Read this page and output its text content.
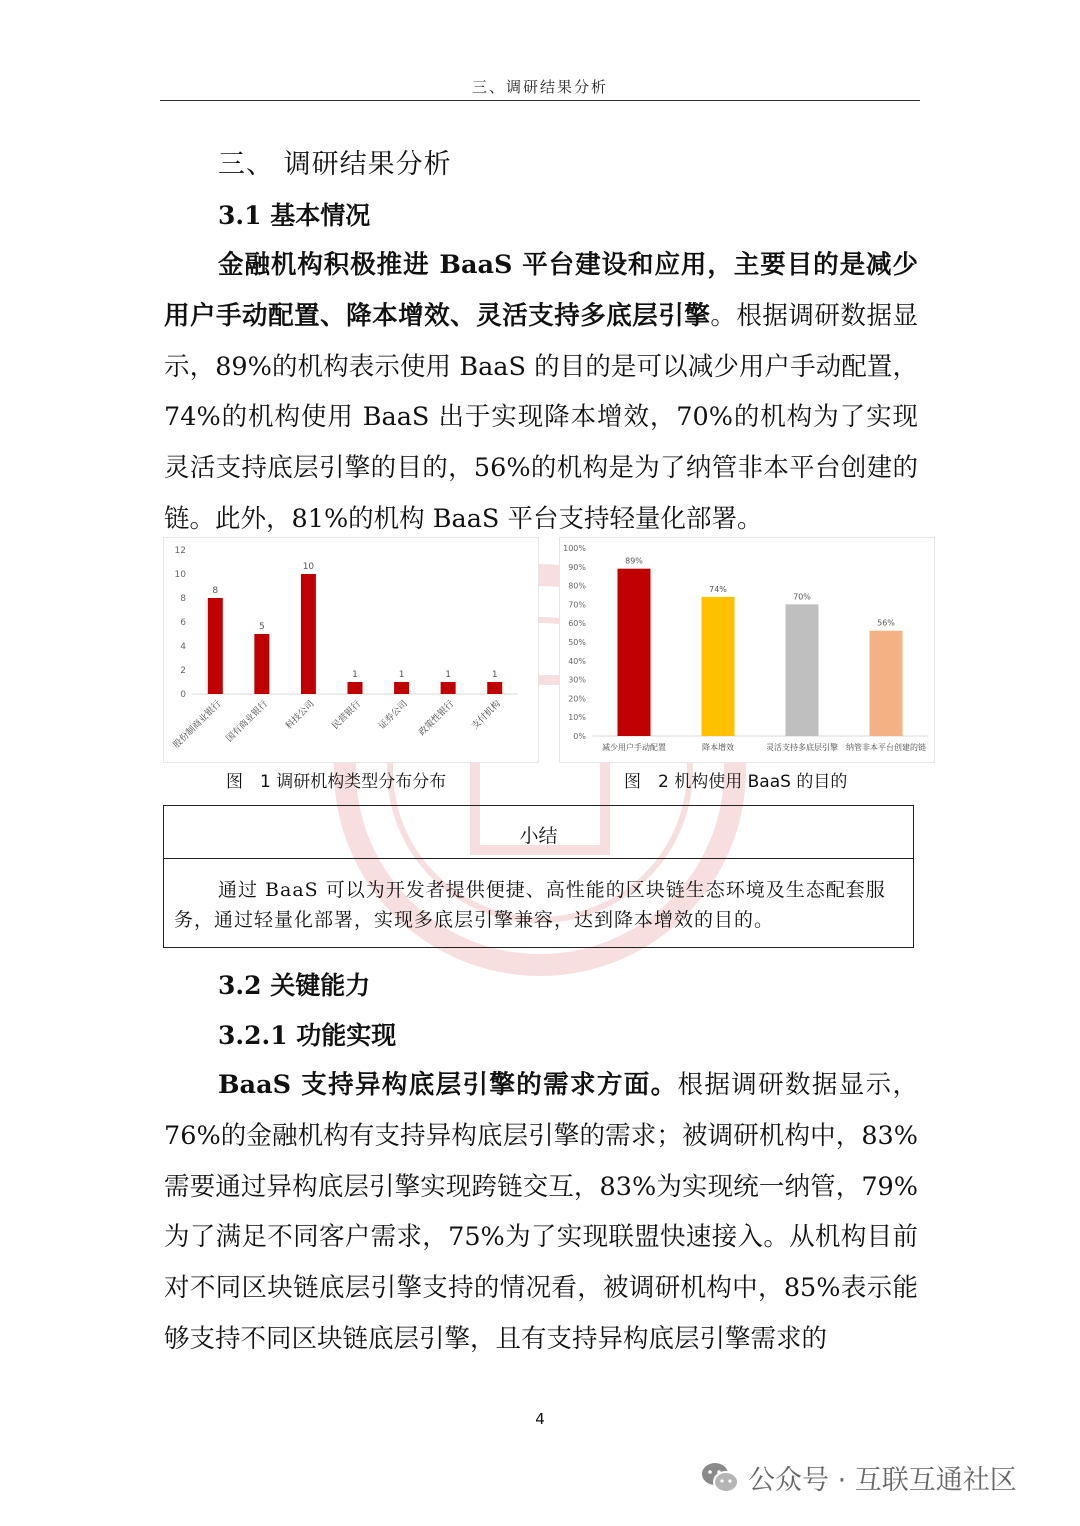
三、调研结果分析
三、 调研结果分析
3.1 基本情况

金融机构积极推进 BaaS 平台建设和应用，主要目的是减少用户手动配置、降本增效、灵活支持多底层引擎。根据调研数据显示，89%的机构表示使用 BaaS 的目的是可以减少用户手动配置，74%的机构使用 BaaS 出于实现降本增效，70%的机构为了实现灵活支持底层引擎的目的，56%的机构是为了纳管非本平台创建的链。此外，81%的机构 BaaS 平台支持轻量化部署。

0
2
4
6
8
10
12
8
股份制商业银行
5
国有商业银行
10
科技公司
1
民营银行
1
证券公司
1
政策性银行
1
支付机构
图　1 调研机构类型分布分布
0%
10%
20%
30%
40%
50%
60%
70%
80%
90%
100%
89%
减少用户手动配置
74%
降本增效
70%
灵活支持多底层引擎
56%
纳管非本平台创建的链
图　2 机构使用 BaaS 的目的
小结
通过 BaaS 可以为开发者提供便捷、高性能的区块链生态环境及生态配套服务，通过轻量化部署，实现多底层引擎兼容，达到降本增效的目的。
3.2 关键能力
3.2.1 功能实现

BaaS 支持异构底层引擎的需求方面。根据调研数据显示，76%的金融机构有支持异构底层引擎的需求；被调研机构中，83%需要通过异构底层引擎实现跨链交互，83%为实现统一纳管，79%为了满足不同客户需求，75%为了实现联盟快速接入。从机构目前对不同区块链底层引擎支持的情况看，被调研机构中，85%表示能够支持不同区块链底层引擎，且有支持异构底层引擎需求的

4
公众号 · 互联互通社区
